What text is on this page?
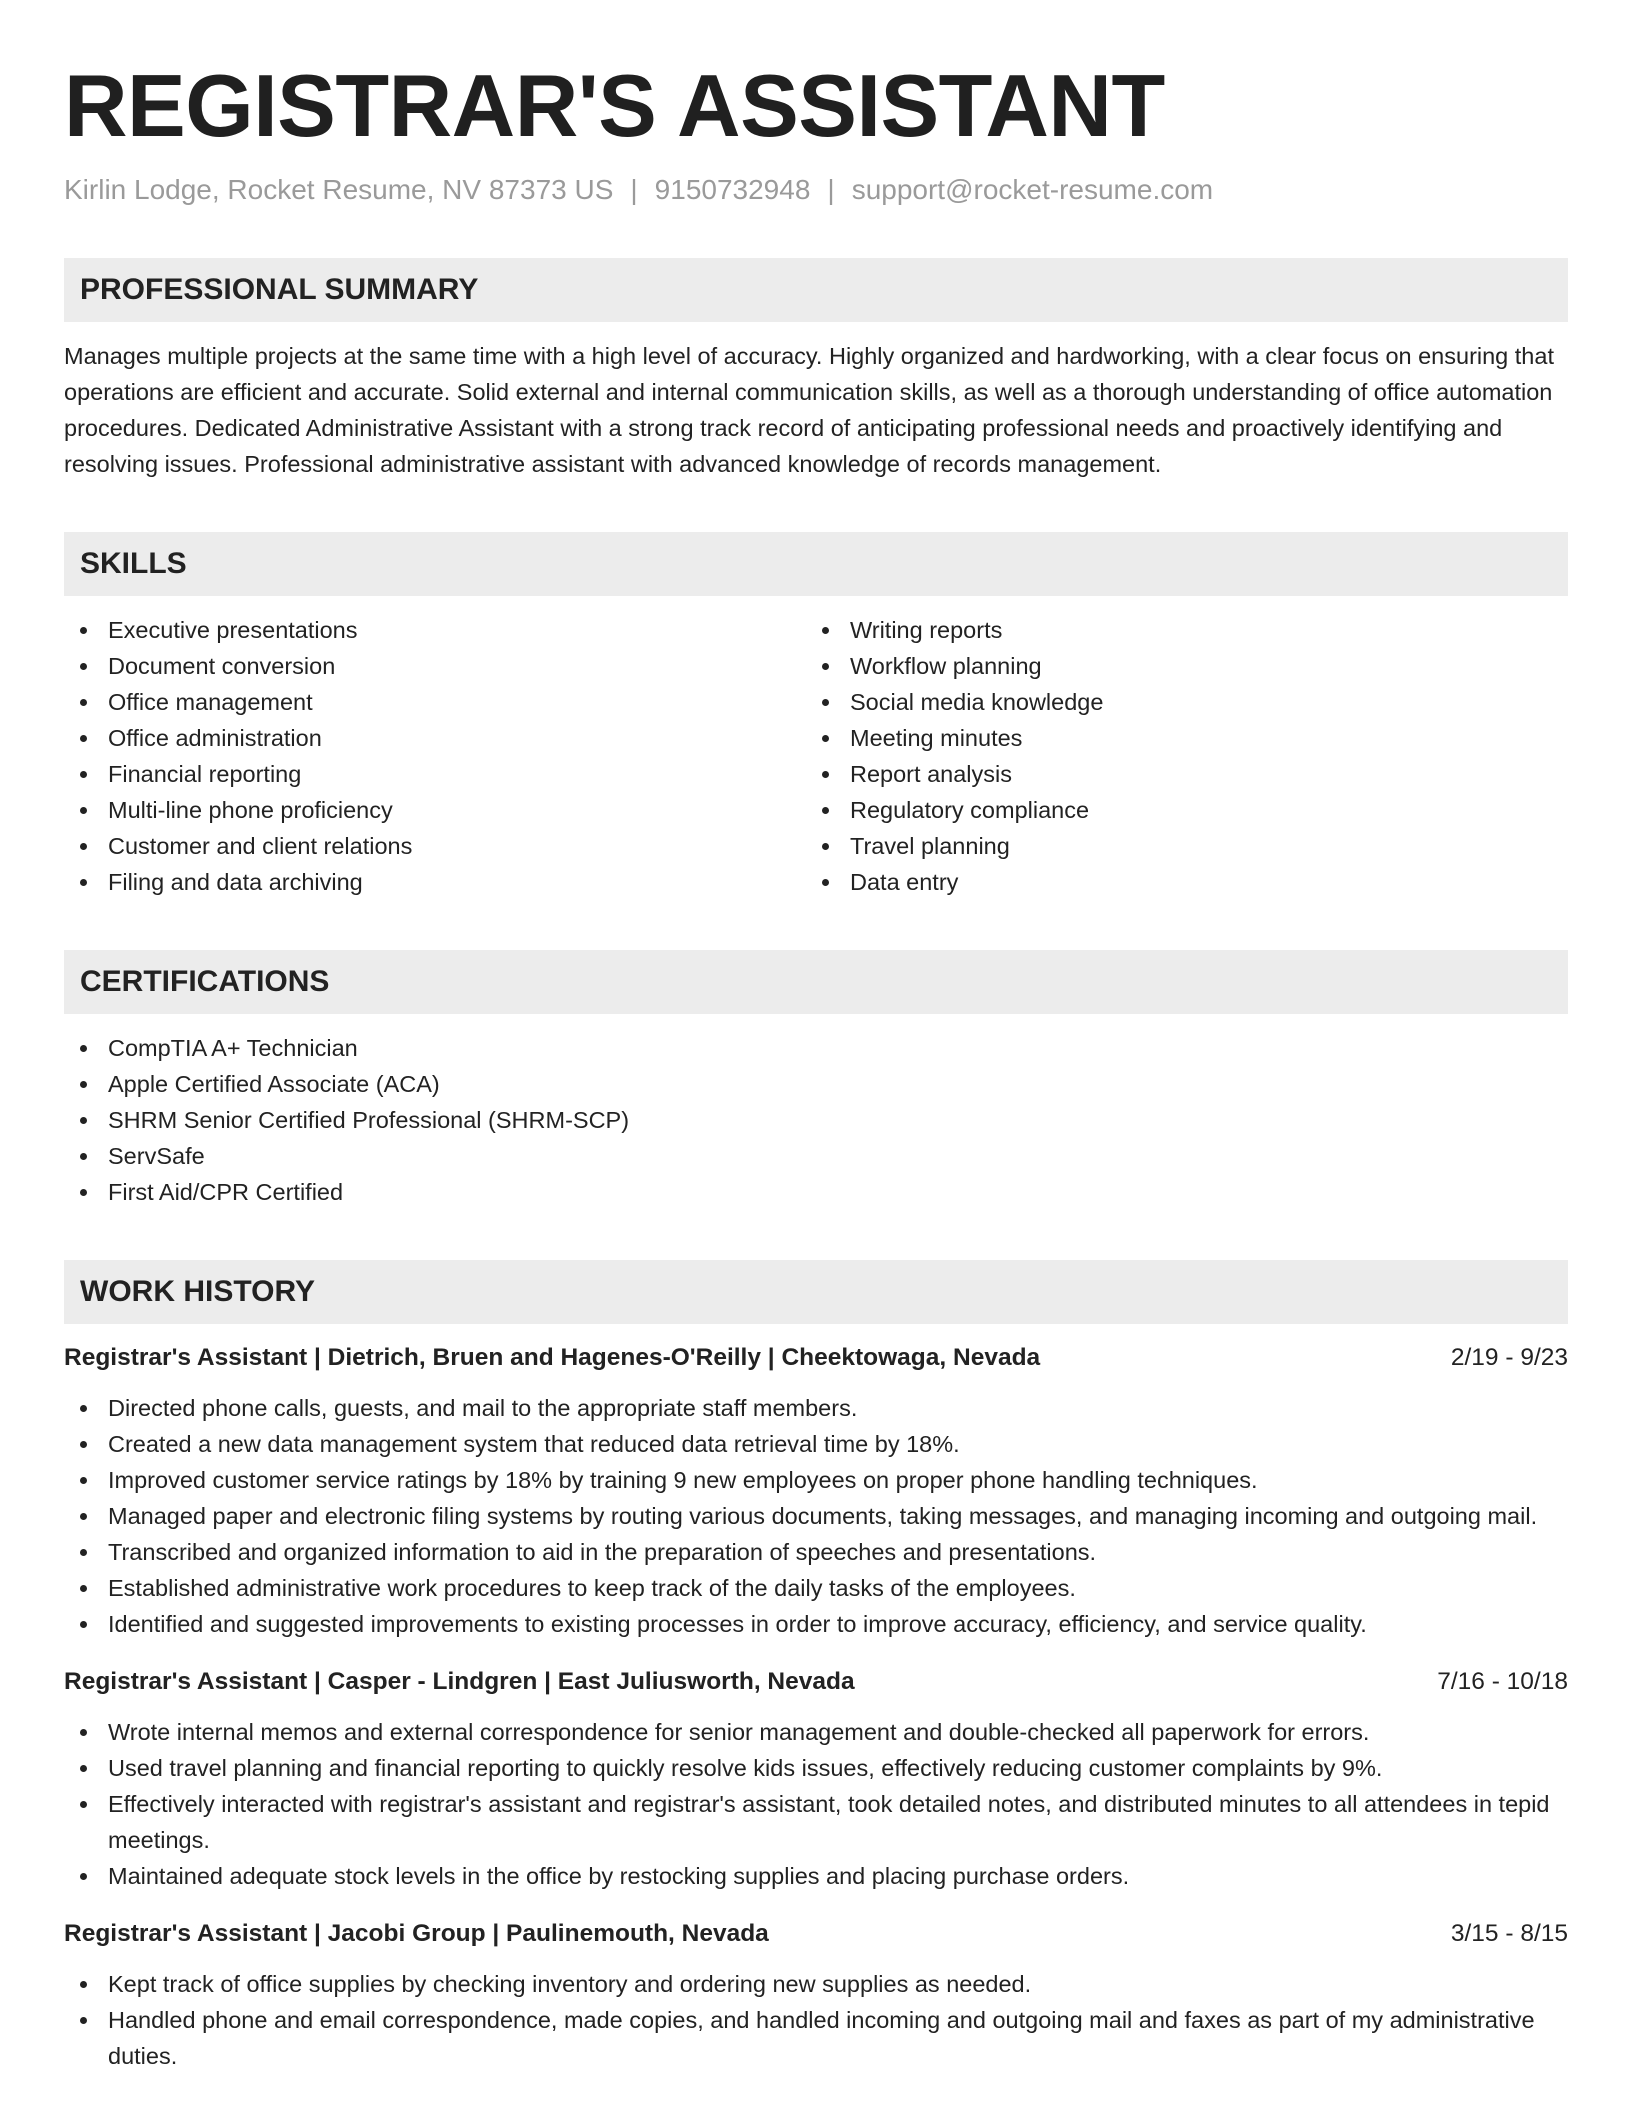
REGISTRAR'S ASSISTANT
Kirlin Lodge, Rocket Resume, NV 87373 US | 9150732948 | support@rocket-resume.com
PROFESSIONAL SUMMARY

Manages multiple projects at the same time with a high level of accuracy. Highly organized and hardworking, with a clear focus on ensuring that operations are efficient and accurate. Solid external and internal communication skills, as well as a thorough understanding of office automation procedures. Dedicated Administrative Assistant with a strong track record of anticipating professional needs and proactively identifying and resolving issues. Professional administrative assistant with advanced knowledge of records management.

SKILLS
Executive presentations
Document conversion
Office management
Office administration
Financial reporting
Multi-line phone proficiency
Customer and client relations
Filing and data archiving
Writing reports
Workflow planning
Social media knowledge
Meeting minutes
Report analysis
Regulatory compliance
Travel planning
Data entry
CERTIFICATIONS
CompTIA A+ Technician
Apple Certified Associate (ACA)
SHRM Senior Certified Professional (SHRM-SCP)
ServSafe
First Aid/CPR Certified
WORK HISTORY
Registrar's Assistant | Dietrich, Bruen and Hagenes-O'Reilly | Cheektowaga, Nevada	2/19 - 9/23
Directed phone calls, guests, and mail to the appropriate staff members.
Created a new data management system that reduced data retrieval time by 18%.
Improved customer service ratings by 18% by training 9 new employees on proper phone handling techniques.
Managed paper and electronic filing systems by routing various documents, taking messages, and managing incoming and outgoing mail.
Transcribed and organized information to aid in the preparation of speeches and presentations.
Established administrative work procedures to keep track of the daily tasks of the employees.
Identified and suggested improvements to existing processes in order to improve accuracy, efficiency, and service quality.
Registrar's Assistant | Casper - Lindgren | East Juliusworth, Nevada	7/16 - 10/18
Wrote internal memos and external correspondence for senior management and double-checked all paperwork for errors.
Used travel planning and financial reporting to quickly resolve kids issues, effectively reducing customer complaints by 9%.
Effectively interacted with registrar's assistant and registrar's assistant, took detailed notes, and distributed minutes to all attendees in tepid meetings.
Maintained adequate stock levels in the office by restocking supplies and placing purchase orders.
Registrar's Assistant | Jacobi Group | Paulinemouth, Nevada	3/15 - 8/15
Kept track of office supplies by checking inventory and ordering new supplies as needed.
Handled phone and email correspondence, made copies, and handled incoming and outgoing mail and faxes as part of my administrative duties.
